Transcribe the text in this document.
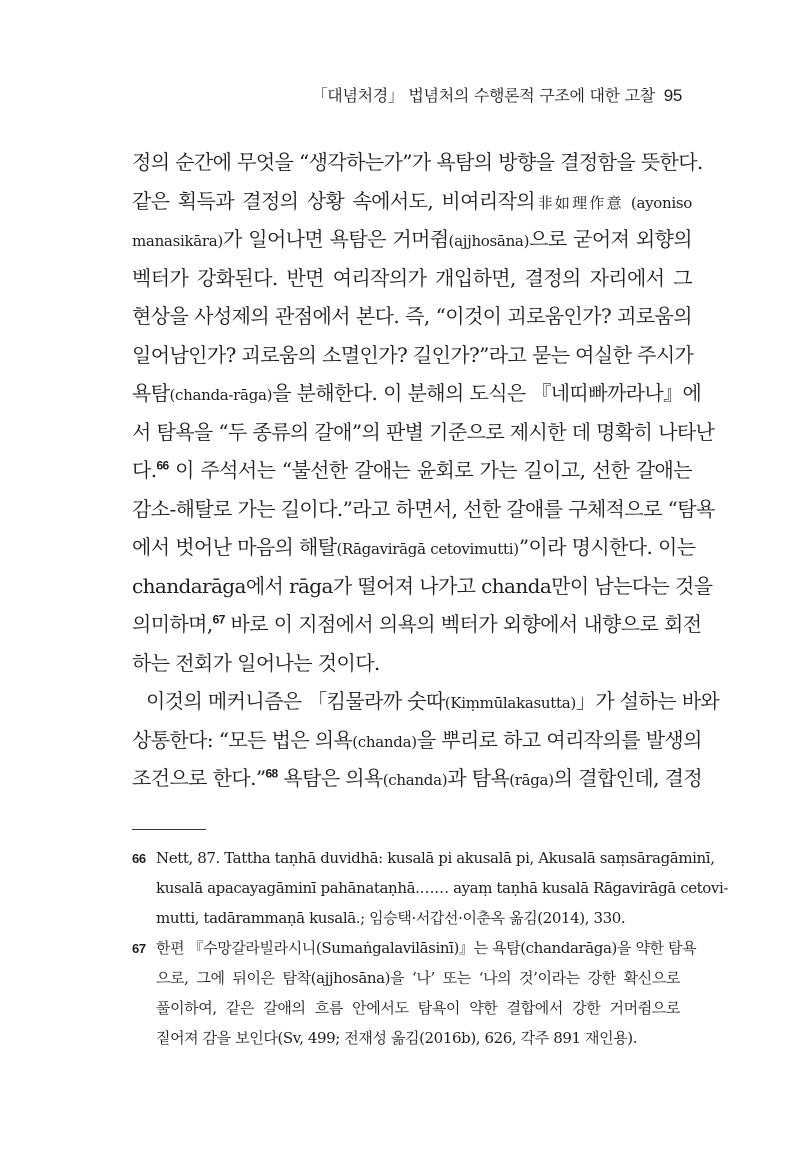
「대념처경」 법념처의 수행론적 구조에 대한 고찰 95
정의 순간에 무엇을 “생각하는가”가 욕탐의 방향을 결정함을 뜻한다.
같은 획득과 결정의 상황 속에서도, 비여리작의非如理作意 (ayoniso
manasikāra)가 일어나면 욕탐은 거머쥠(ajjhosāna)으로 굳어져 외향의
벡터가 강화된다. 반면 여리작의가 개입하면, 결정의 자리에서 그
현상을 사성제의 관점에서 본다. 즉, “이것이 괴로움인가? 괴로움의
일어남인가? 괴로움의 소멸인가? 길인가?”라고 묻는 여실한 주시가
욕탐(chanda-rāga)을 분해한다. 이 분해의 도식은 『네띠빠까라나』에
서 탐욕을 “두 종류의 갈애”의 판별 기준으로 제시한 데 명확히 나타난
다.$^{66}$ 이 주석서는 “불선한 갈애는 윤회로 가는 길이고, 선한 갈애는
감소-해탈로 가는 길이다.”라고 하면서, 선한 갈애를 구체적으로 “탐욕
에서 벗어난 마음의 해탈(Rāgavirāgā cetovimutti)”이라 명시한다. 이는
chandarāga에서 rāga가 떨어져 나가고 chanda만이 남는다는 것을
의미하며,$^{67}$ 바로 이 지점에서 의욕의 벡터가 외향에서 내향으로 회전
하는 전회가 일어나는 것이다.
이것의 메커니즘은 「킴물라까 숫따(Kiṃmūlakasutta)」가 설하는 바와
상통한다: “모든 법은 의욕(chanda)을 뿌리로 하고 여리작의를 발생의
조건으로 한다.”$^{68}$ 욕탐은 의욕(chanda)과 탐욕(rāga)의 결합인데, 결정
66 Nett, 87. Tattha taṇhā duvidhā: kusalā pi akusalā pi, Akusalā saṃsāragāminī,
kusalā apacayagāminī pahānataṇhā.…… ayaṃ taṇhā kusalā Rāgavirāgā cetovi-
mutti, tadārammaṇā kusalā.; 임승택·서갑선·이춘옥 옮김(2014), 330.
67 한편 『수망갈라빌라시니(Sumaṅgalavilāsinī)』는 욕탐(chandarāga)을 약한 탐욕
으로, 그에 뒤이은 탐착(ajjhosāna)을 ‘나’ 또는 ‘나의 것’이라는 강한 확신으로
풀이하여, 같은 갈애의 흐름 안에서도 탐욕이 약한 결합에서 강한 거머쥠으로
짙어져 감을 보인다(Sv, 499; 전재성 옮김(2016b), 626, 각주 891 재인용).
